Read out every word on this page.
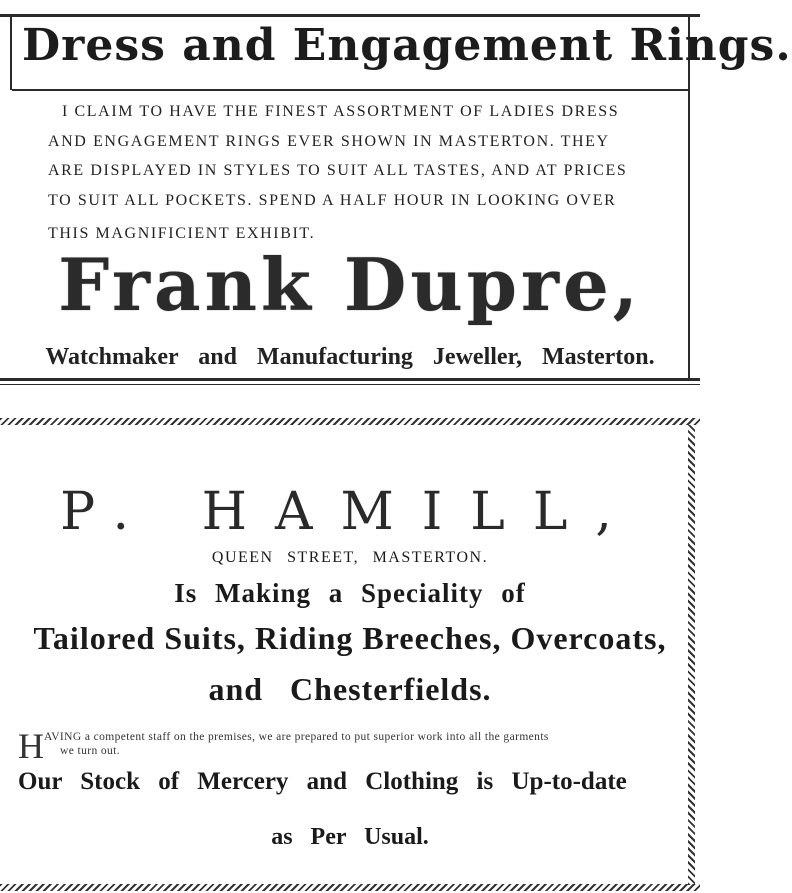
Dress and Engagement Rings.
I CLAIM TO HAVE THE FINEST ASSORTMENT OF LADIES DRESS
AND ENGAGEMENT RINGS EVER SHOWN IN MASTERTON. THEY
ARE DISPLAYED IN STYLES TO SUIT ALL TASTES, AND AT PRICES
TO SUIT ALL POCKETS. SPEND A HALF HOUR IN LOOKING OVER
THIS MAGNIFICIENT EXHIBIT.
Frank Dupre,
Watchmaker and Manufacturing Jeweller, Masterton.
P. HAMILL,
QUEEN STREET, MASTERTON.
Is Making a Speciality of
Tailored Suits, Riding Breeches, Overcoats,
and Chesterfields.
H AVING a competent staff on the premises, we are prepared to put superior work into all the garments
we turn out.
Our Stock of Mercery and Clothing is Up-to-date
as Per Usual.
